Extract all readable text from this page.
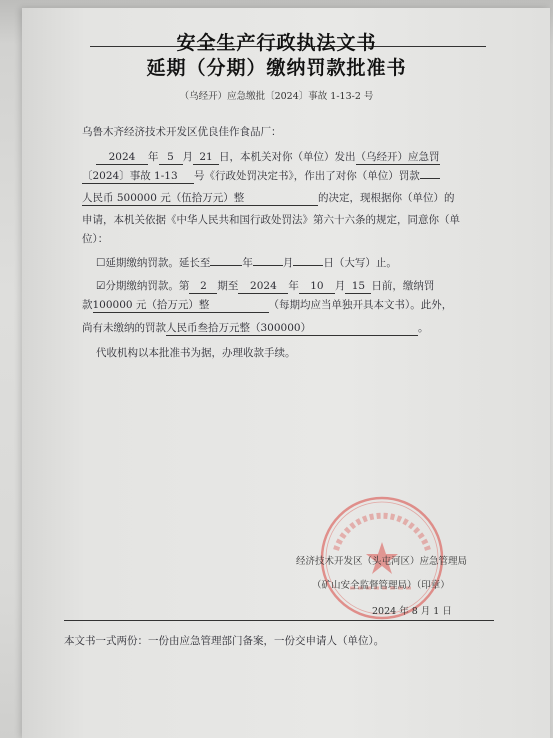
安全生产行政执法文书
延期（分期）缴纳罚款批准书
（乌经开）应急缴批〔2024〕事故 1-13-2 号
乌鲁木齐经济技术开发区优良佳作食品厂：
2024 年 5 月 21 日，本机关对你（单位）发出（乌经开）应急罚
〔2024〕事故 1-13 号《行政处罚决定书》，作出了对你（单位）罚款
人民币 500000 元（伍拾万元）整	的决定，现根据你（单位）的
申请，本机关依据《中华人民共和国行政处罚法》第六十六条的规定，同意你（单
位）：
☐延期缴纳罚款。延长至	年	月	日（大写）止。
☑分期缴纳罚款。第 2 期至 2024 年 10 月 15 日前，缴纳罚
款100000 元（拾万元）整	（每期均应当单独开具本文书）。此外，
尚有未缴纳的罚款人民币叁拾万元整（300000）	。
代收机构以本批准书为据，办理收款手续。
经济技术开发区（头屯河区）应急管理局
（矿山安全监督管理局）（印章）
2024 年 8 月 1 日
本文书一式两份：一份由应急管理部门备案，一份交申请人（单位）。
